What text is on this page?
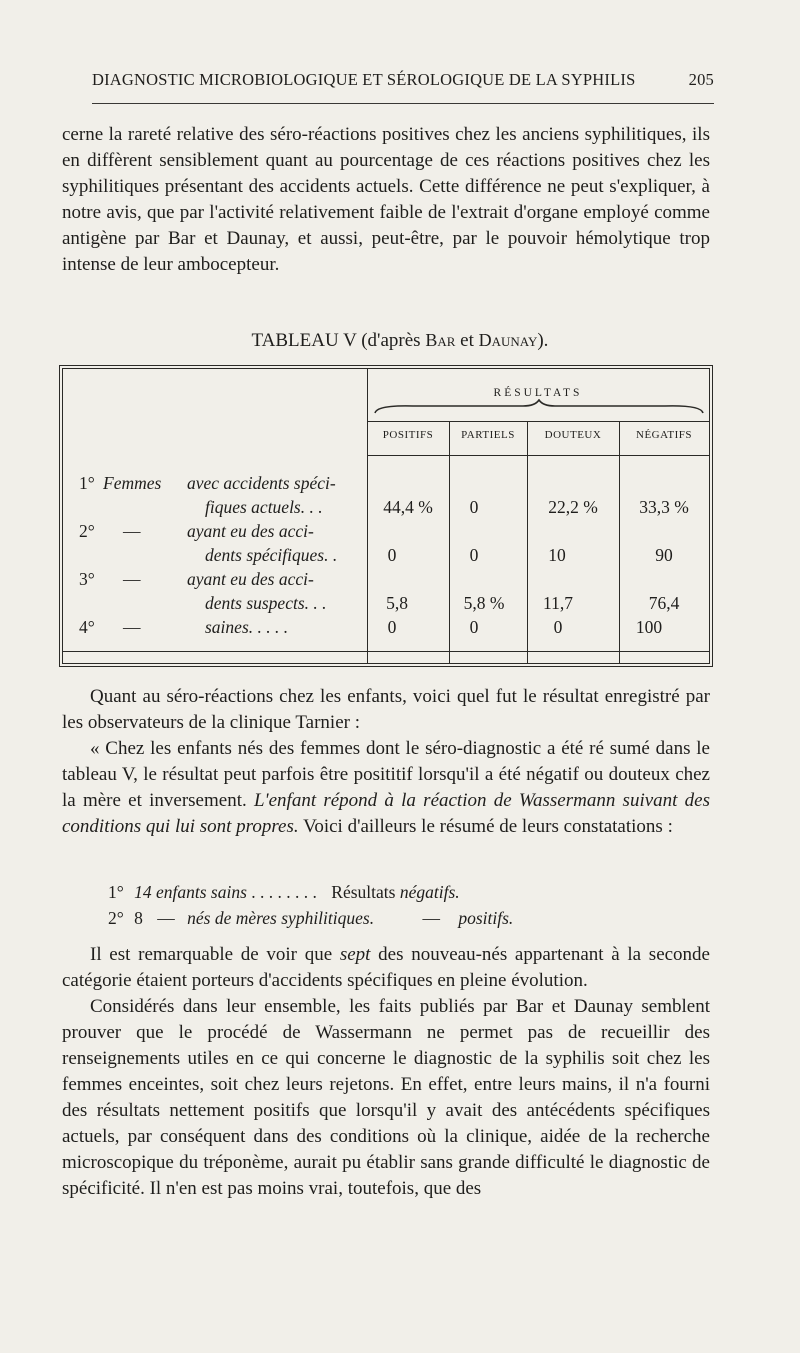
DIAGNOSTIC MICROBIOLOGIQUE ET SÉROLOGIQUE DE LA SYPHILIS	205

cerne la rareté relative des séro-réactions positives chez les anciens syphilitiques, ils en diffèrent sensiblement quant au pourcentage de ces réactions positives chez les syphilitiques présentant des accidents actuels. Cette différence ne peut s'expliquer, à notre avis, que par l'activité relativement faible de l'extrait d'organe employé comme antigène par Bar et Daunay, et aussi, peut-être, par le pouvoir hémolytique trop intense de leur ambocepteur.

TABLEAU V (d'après Bar et Daunay).
RÉSULTATS
POSITIFS	PARTIELS	DOUTEUX	NÉGATIFS
1° Femmes avec accidents spéci-
fiques actuels. . .	44,4 %	0	22,2 %	33,3 %
2° —	ayant eu des acci-
dents spécifiques. .	0	0	10	90
3° —	ayant eu des acci-
dents suspects. . .	5,8	5,8 %	11,7	76,4
4° —	saines. . . . .	0	0	0	100

Quant au séro-réactions chez les enfants, voici quel fut le résultat enregistré par les observateurs de la clinique Tarnier :

« Chez les enfants nés des femmes dont le séro-diagnostic a été ré sumé dans le tableau V, le résultat peut parfois être posititif lorsqu'il a été négatif ou douteux chez la mère et inversement. L'enfant répond à la réaction de Wassermann suivant des conditions qui lui sont propres. Voici d'ailleurs le résumé de leurs constatations :

1° 14 enfants sains . . . . . . . . Résultats négatifs.
2° 8 — nés de mères syphilitiques.	— positifs.

Il est remarquable de voir que sept des nouveau-nés appartenant à la seconde catégorie étaient porteurs d'accidents spécifiques en pleine évolution.

Considérés dans leur ensemble, les faits publiés par Bar et Daunay semblent prouver que le procédé de Wassermann ne permet pas de recueillir des renseignements utiles en ce qui concerne le diagnostic de la syphilis soit chez les femmes enceintes, soit chez leurs rejetons. En effet, entre leurs mains, il n'a fourni des résultats nettement positifs que lorsqu'il y avait des antécédents spécifiques actuels, par conséquent dans des conditions où la clinique, aidée de la recherche microscopique du tréponème, aurait pu établir sans grande difficulté le diagnostic de spécificité. Il n'en est pas moins vrai, toutefois, que des
